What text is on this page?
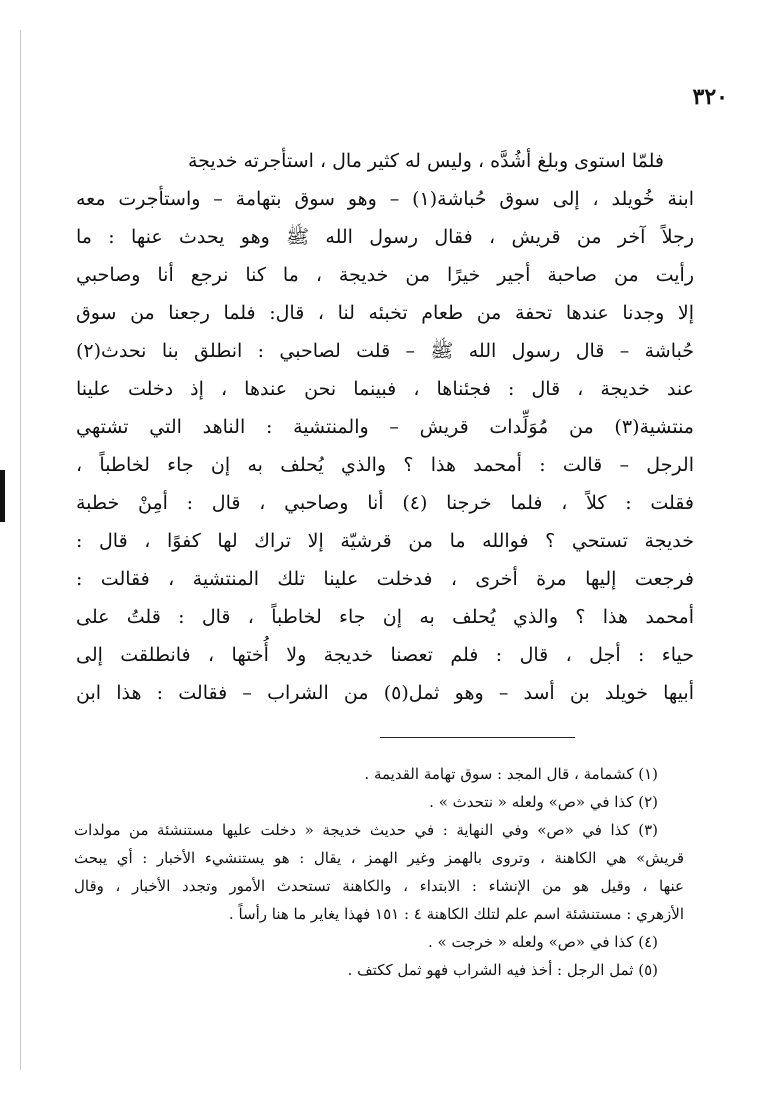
٣٢٠
فلمّا استوى وبلغ أشُدَّه ، وليس له كثير مال ، استأجرته خديجة
ابنة خُويلد ، إلى سوق حُباشة(١) – وهو سوق بتهامة – واستأجرت معه
رجلاً آخر من قريش ، فقال رسول الله ﷺ وهو يحدث عنها : ما
رأيت من صاحبة أجير خيرًا من خديجة ، ما كنا نرجع أنا وصاحبي
إلا وجدنا عندها تحفة من طعام تخبئه لنا ، قال: فلما رجعنا من سوق
حُباشة – قال رسول الله ﷺ – قلت لصاحبي : انطلق بنا نحدث(٢)
عند خديجة ، قال : فجئناها ، فبينما نحن عندها ، إذ دخلت علينا
منتشية(٣) من مُوَلِّدات قريش – والمنتشية : الناهد التي تشتهي
الرجل – قالت : أمحمد هذا ؟ والذي يُحلف به إن جاء لخاطباً ،
فقلت : كلاً ، فلما خرجنا (٤) أنا وصاحبي ، قال : أمِنْ خطبة
خديجة تستحي ؟ فوالله ما من قرشيّة إلا تراك لها كفوًا ، قال :
فرجعت إليها مرة أخرى ، فدخلت علينا تلك المنتشية ، فقالت :
أمحمد هذا ؟ والذي يُحلف به إن جاء لخاطباً ، قال : قلتُ على
حياء : أجل ، قال : فلم تعصنا خديجة ولا أُختها ، فانطلقت إلى
أبيها خويلد بن أسد – وهو ثمل(٥) من الشراب – فقالت : هذا ابن
(١) كشمامة ، قال المجد : سوق تهامة القديمة .
(٢) كذا في «ص» ولعله « نتحدث » .
(٣) كذا في «ص» وفي النهاية : في حديث خديجة « دخلت عليها مستنشئة من مولدات
قريش» هي الكاهنة ، وتروى بالهمز وغير الهمز ، يقال : هو يستنشيء الأخبار : أي يبحث
عنها ، وقيل هو من الإنشاء : الابتداء ، والكاهنة تستحدث الأمور وتجدد الأخبار ، وقال
الأزهري : مستنشئة اسم علم لتلك الكاهنة ٤ : ١٥١ فهذا يغاير ما هنا رأساً .
(٤) كذا في «ص» ولعله « خرجت » .
(٥) ثمل الرجل : أخذ فيه الشراب فهو ثمل ككتف .
